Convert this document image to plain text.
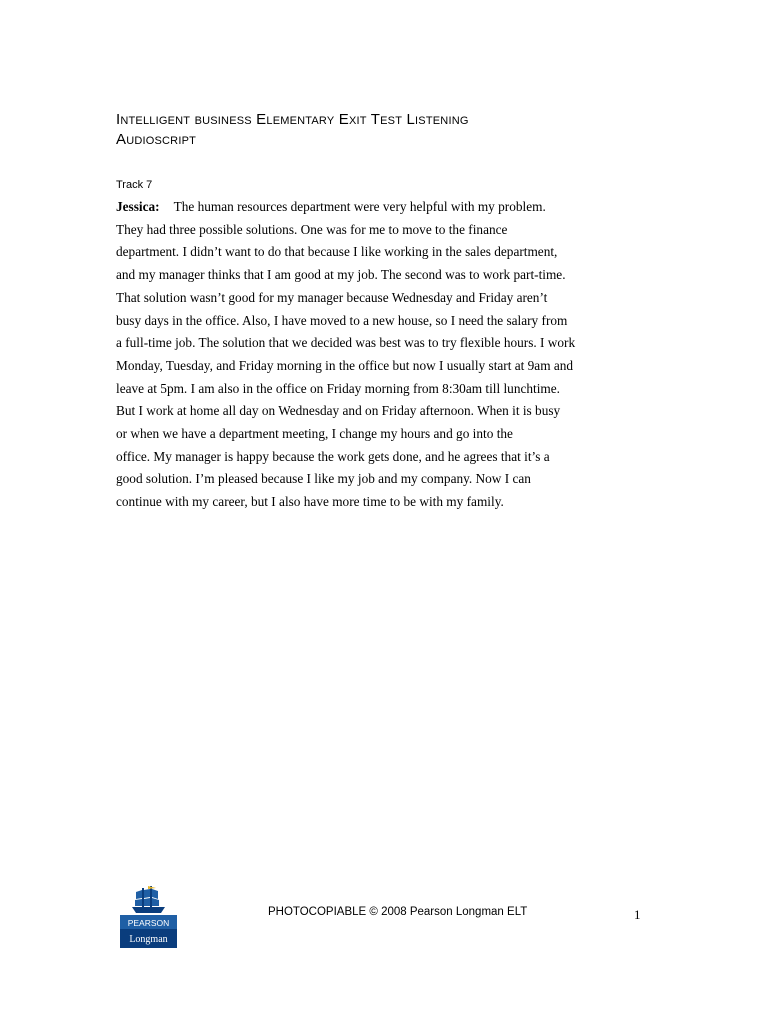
Intelligent business Elementary Exit Test Listening
Audioscript
Track 7
Jessica: The human resources department were very helpful with my problem.
They had three possible solutions. One was for me to move to the finance
department. I didn’t want to do that because I like working in the sales department,
and my manager thinks that I am good at my job. The second was to work part-time.
That solution wasn’t good for my manager because Wednesday and Friday aren’t
busy days in the office. Also, I have moved to a new house, so I need the salary from
a full-time job. The solution that we decided was best was to try flexible hours. I work
Monday, Tuesday, and Friday morning in the office but now I usually start at 9am and
leave at 5pm. I am also in the office on Friday morning from 8:30am till lunchtime.
But I work at home all day on Wednesday and on Friday afternoon. When it is busy
or when we have a department meeting, I change my hours and go into the
office. My manager is happy because the work gets done, and he agrees that it’s a
good solution. I’m pleased because I like my job and my company. Now I can
continue with my career, but I also have more time to be with my family.
PEARSON
Longman
PHOTOCOPIABLE © 2008 Pearson Longman ELT	1
